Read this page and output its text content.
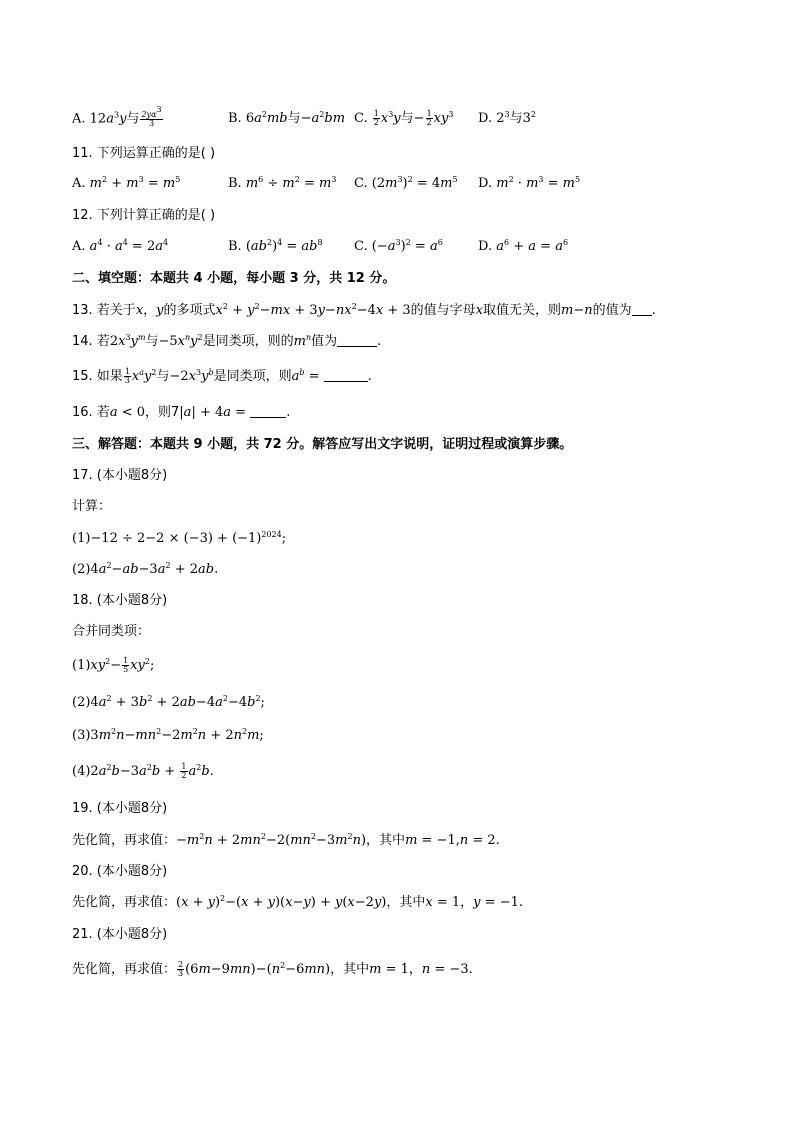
A. $12a^3y$与 $\frac{2y\alpha^3}{3}$	B. $6a^2mb$与$-a^2bm$ C. $\frac{1}{2} x^3y$与− $\frac{1}{2} xy^3$ D. $2^3$与$3^2$
11. 下列运算正确的是( )
A. $m^2 + m^3 = m^5$	B. $m^6 \div m^2 = m^3$ C. $(2m^3)^2 = 4m^5$ D. $m^2 \cdot m^3 = m^5$
12. 下列计算正确的是( )
A. $a^4 \cdot a^4 = 2a^4$	B. $(ab^2)^4 = ab^8$ C. $(-a^3)^2 = a^6$	D. $a^6 + a = a^6$
二、填空题：本题共 4 小题，每小题 3 分，共 12 分。
13. 若关于x，y的多项式$x^2 + y^2-mx + 3y-nx^2-4x + 3$的值与字母x取值无关，则m−n的值为 .
14. 若$2x^3y^m$与$-5x^ny^2$是同类项，则的$m^n$值为	.
15. 如果 $\frac{1}{3} x^ay^2$与$-2x^3y^b$是同类项，则$a^b$ =	.
16. 若a < 0，则7|a| + 4a =	.
三、解答题：本题共 9 小题，共 72 分。解答应写出文字说明，证明过程或演算步骤。
17. (本小题8分)
计算：
$(1)-12 \div 2-2 \times (-3) + (-1)^{2024}$;
$(2)4a^2-ab-3a^2 + 2ab$.
18. (本小题8分)
合并同类项：
$(1)xy^2- \frac{1}{5} xy^2$;
$(2)4a^2 + 3b^2 + 2ab-4a^2-4b^2$;
$(3)3m^2n-mn^2-2m^2n + 2n^2m$;
$(4)2a^2b-3a^2b + \frac{1}{2} a^2b$.
19. (本小题8分)
先化简，再求值：$-m^2n + 2mn^2-2(mn^2-3m^2n)$，其中m = −1,n = 2.
20. (本小题8分)
先化简，再求值：$(x + y)^2-(x + y)(x-y) + y(x-2y)$，其中x = 1，y = −1.
21. (本小题8分)
先化简，再求值： $\frac{2}{3} (6m-9mn)-(n^2-6mn)$，其中m = 1，n = −3.
